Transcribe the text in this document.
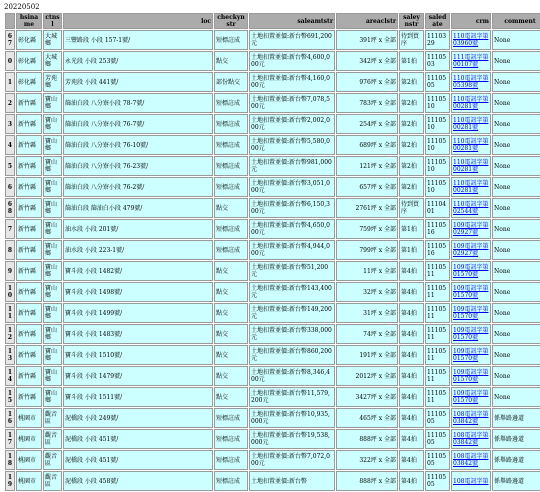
20220502
	hsiname	ctnsl	loc	checkynstr	saleamtstr	areaclstr	saleynstr	saledate	crm	comment
67	彰化縣	大城鄉	三豐路段 小段 157-1號/	短標註成	土地扣置並價:新台幣691,200元	391坪 x 全部	待到買序	1110329	110電訊字第03960號	None
0	彰化縣	大城鄉	永光段 小段 253號/	點交	土地扣置並價:新台幣4,600,000元	342坪 x 全部	第1拍	1110503	111電訊字第00107號	None
1	彰化縣	芳苑鄉	芳苑段 小段 441號/	部份點交	土地扣置並價:新台幣4,160,000元	976坪 x 全部	第2拍	1110505	110電訊字第05398號	None
2	新竹縣	寶山鄉	篩油白段 八分寮小段 78-7號/	短標註成	土地扣置並價:新台幣7,078,500元	783坪 x 全部	第2拍	1110510	110電訊字第00281號	None
3	新竹縣	寶山鄉	篩油白段 八分寮小段 76-7號/	短標註成	土地扣置並價:新台幣2,002,000元	254坪 x 全部	第2拍	1110510	110電訊字第00281號	None
4	新竹縣	寶山鄉	篩油白段 八分寮小段 76-10號/	短標註成	土地扣置並價:新台幣5,580,000元	689坪 x 全部	第2拍	1110510	110電訊字第00281號	None
5	新竹縣	寶山鄉	篩油白段 八分寮小段 76-23號/	短標註成	土地扣置並價:新台幣981,000元	121坪 x 全部	第2拍	1110510	110電訊字第00281號	None
6	新竹縣	寶山鄉	篩油白段 八分寮小段 76-2號/	短標註成	土地扣置並價:新台幣3,051,000元	657坪 x 全部	第2拍	1110510	110電訊字第00281號	None
68	新竹縣	寶山鄉	篩油白段 篩油白小段 479號/	點交	土地扣置並價:新台幣6,150,300元	2761坪 x 全部	待到買序	1110401	110電訊字第02544號	None
7	新竹縣	寶山鄉	油水段 小段 201號/	短標註成	土地扣置並價:新台幣4,650,000元	759坪 x 全部	第1拍	1110516	109電訊字第02927號	None
8	新竹縣	寶山鄉	油水段 小段 223-1號/	短標註成	土地扣置並價:新台幣4,944,000元	799坪 x 全部	第1拍	1110516	109電訊字第02927號	None
9	新竹縣	寶山鄉	寶斗段 小段 1482號/	點交	土地扣置並價:新台幣51,200元	11坪 x 全部	第4拍	1110511	109電訊字第01570號	None
10	新竹縣	寶山鄉	寶斗段 小段 1498號/	點交	土地扣置並價:新台幣143,400元	32坪 x 全部	第4拍	1110511	109電訊字第01570號	None
11	新竹縣	寶山鄉	寶斗段 小段 1499號/	點交	土地扣置並價:新台幣149,200元	31坪 x 全部	第4拍	1110511	109電訊字第01570號	None
12	新竹縣	寶山鄉	寶斗段 小段 1483號/	點交	土地扣置並價:新台幣338,000元	74坪 x 全部	第4拍	1110511	109電訊字第01570號	None
13	新竹縣	寶山鄉	寶斗段 小段 1510號/	點交	土地扣置並價:新台幣860,200元	191坪 x 全部	第4拍	1110511	109電訊字第01570號	None
14	新竹縣	寶山鄉	寶斗段 小段 1479號/	點交	土地扣置並價:新台幣8,346,400元	2012坪 x 全部	第4拍	1110511	109電訊字第01570號	None
15	新竹縣	寶山鄉	寶斗段 小段 1511號/	點交	土地扣置並價:新台幣11,579,200元	3427坪 x 全部	第4拍	1110511	109電訊字第01570號	None
16	桃園市	觀音區	泥橋段 小段 249號/	短標註成	土地扣置並價:新台幣10,935,000元	465坪 x 全部	第4拍	1110505	108電訊字第03842號	係舉路邊道
17	桃園市	觀音區	泥橋段 小段 451號/	短標註成	土地扣置並價:新台幣19,538,000元	888坪 x 全部	第4拍	1110505	108電訊字第03842號	係舉路邊道
18	桃園市	觀音區	泥橋段 小段 451號/	短標註成	土地扣置並價:新台幣7,072,000元	322坪 x 全部	第4拍	1110505	108電訊字第03842號	係舉路邊道
19	桃園市	觀音區	泥橋段 小段 458號/	短標註成	土地扣置並價:新台幣	888坪 x 全部	第4拍	1110505	108電訊字第	係舉路邊道
